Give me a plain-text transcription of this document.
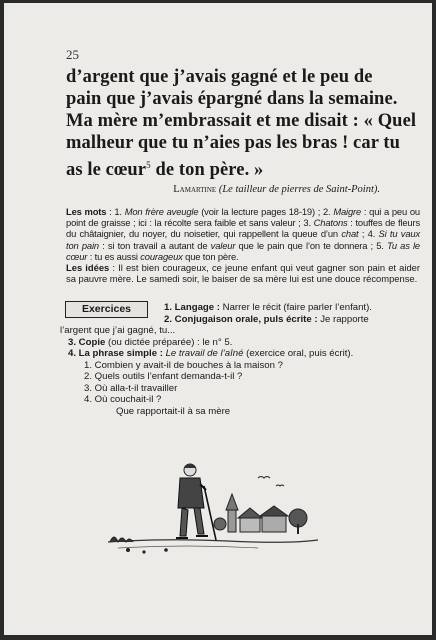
25
d’argent que j’avais gagné et le peu de
pain que j’avais épargné dans la semaine.
Ma mère m’embrassait et me disait : « Quel
malheur que tu n’aies pas les bras ! car tu
as le cœur$^5$ de ton père. »
Lamartine (Le tailleur de pierres de Saint-Point).
Les mots : 1. Mon frère aveugle (voir la lecture pages 18-19) ; 2. Maigre : qui a peu ou point de graisse ; ici : la récolte sera faible et sans valeur ; 3. Chatons : touffes de fleurs du châtaignier, du noyer, du noisetier, qui rappellent la queue d’un chat ; 4. Si tu vaux ton pain : si ton travail a autant de valeur que le pain que l’on te donnera ; 5. Tu as le cœur : tu es aussi courageux que ton père.
Les idées : Il est bien courageux, ce jeune enfant qui veut gagner son pain et aider sa pauvre mère. Le samedi soir, le baiser de sa mère lui est une douce récompense.
Exercices	1. Langage : Narrer le récit (faire parler l’enfant).
2. Conjugaison orale, puls écrite : Je rapporte
l’argent que j’ai gagné, tu...
3. Copie (ou dictée préparée) : le n° 5.
4. La phrase simple : Le travail de l’aîné (exercice oral, puis écrit).
1. Combien y avait-il de bouches à la maison ?
2. Quels outils l’enfant demanda-t-il ?
3. Où alla-t-il travailler
4. Où couchait-il ?
Que rapportait-il à sa mère
